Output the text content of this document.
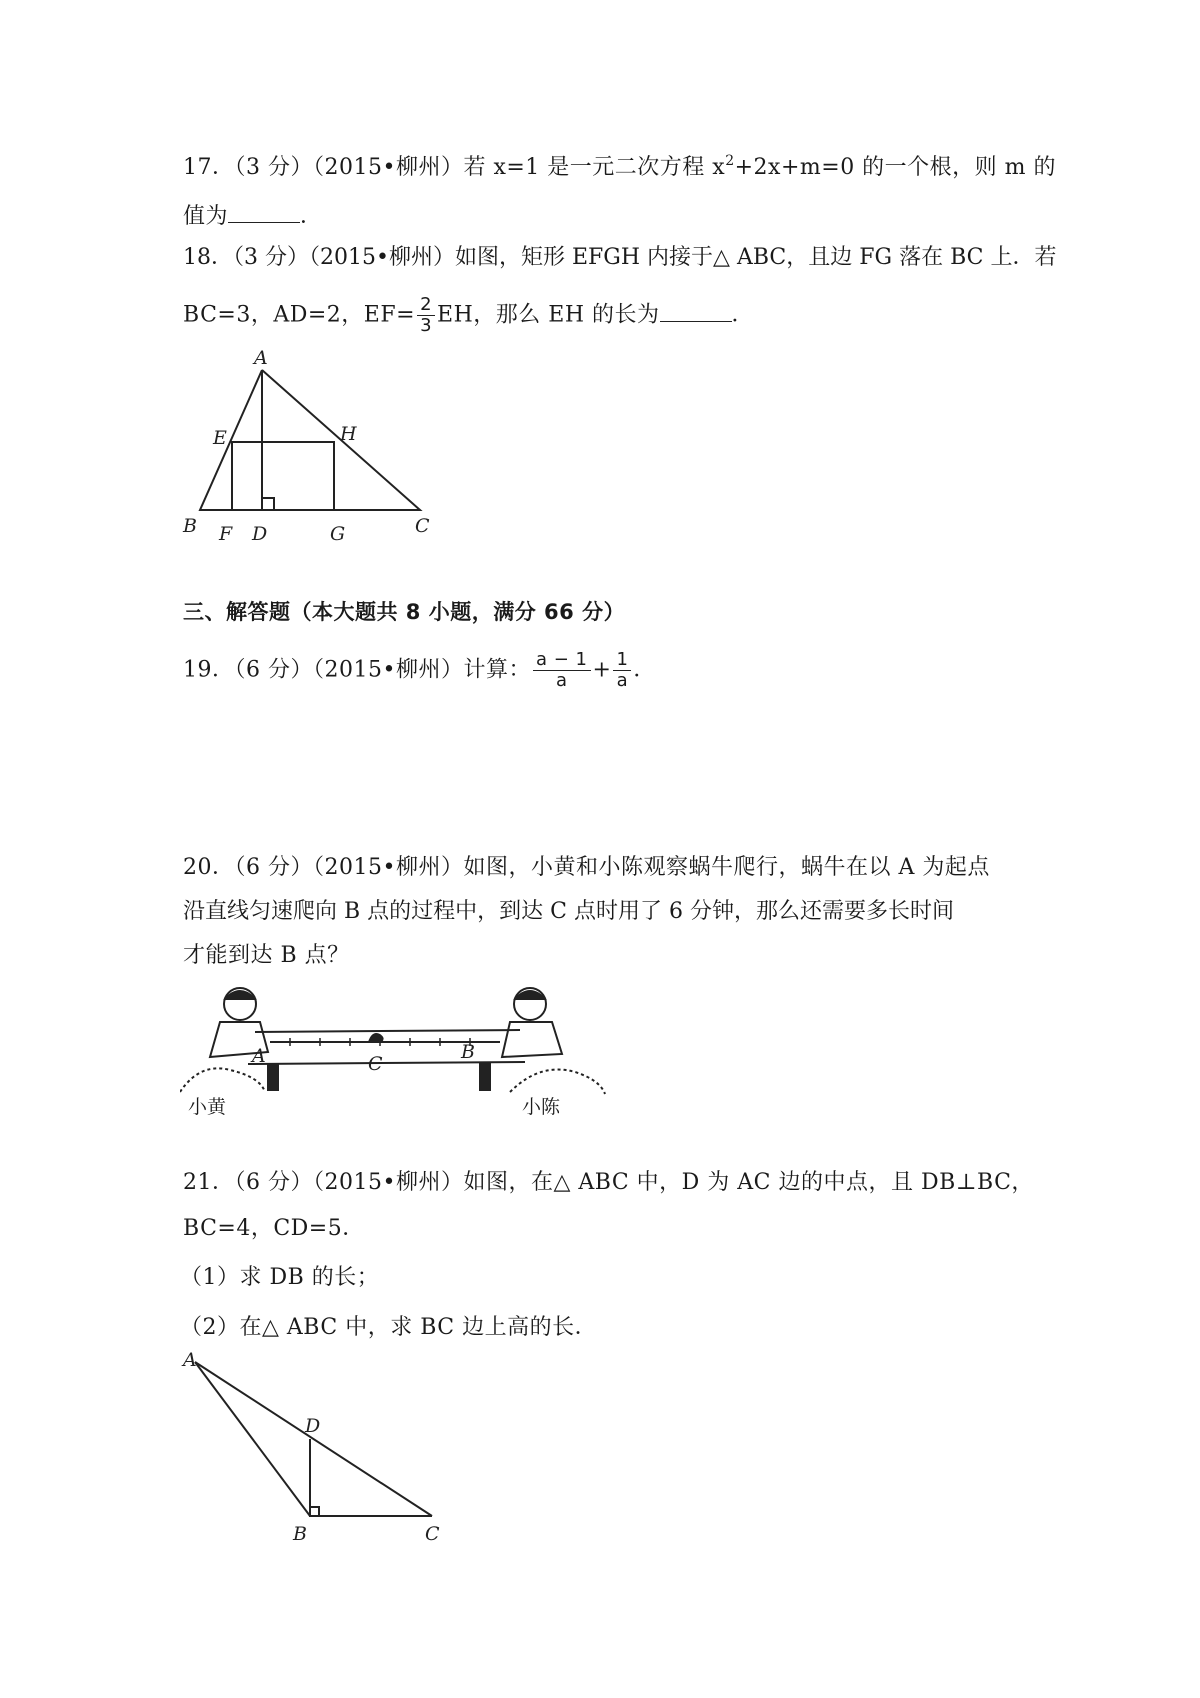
17．（3 分）（2015•柳州）若 x=1 是一元二次方程 $x^2+2x+m=0$ 的一个根，则 m 的
值为	．
18．（3 分）（2015•柳州）如图，矩形 EFGH 内接于△ ABC，且边 FG 落在 BC 上．若
BC=3，AD=2，$EF= \frac{2}{3}$ EH，那么 EH 的长为	．
A
E	H
B F D	G	C
三、解答题（本大题共 8 小题，满分 66 分）
19．（6 分）（2015•柳州）计算： $\frac{a - 1}{a} + \frac{1}{a}$ ．
20．（6 分）（2015•柳州）如图，小黄和小陈观察蜗牛爬行，蜗牛在以 A 为起点
沿直线匀速爬向 B 点的过程中，到达 C 点时用了 6 分钟，那么还需要多长时间
才能到达 B 点？
A	C
B
小黄	小陈
21．（6 分）（2015•柳州）如图，在△ ABC 中，D 为 AC 边的中点，且 DB⊥BC，
BC=4，CD=5．
（1）求 DB 的长；
（2）在△ ABC 中，求 BC 边上高的长．
A
D
B	C
